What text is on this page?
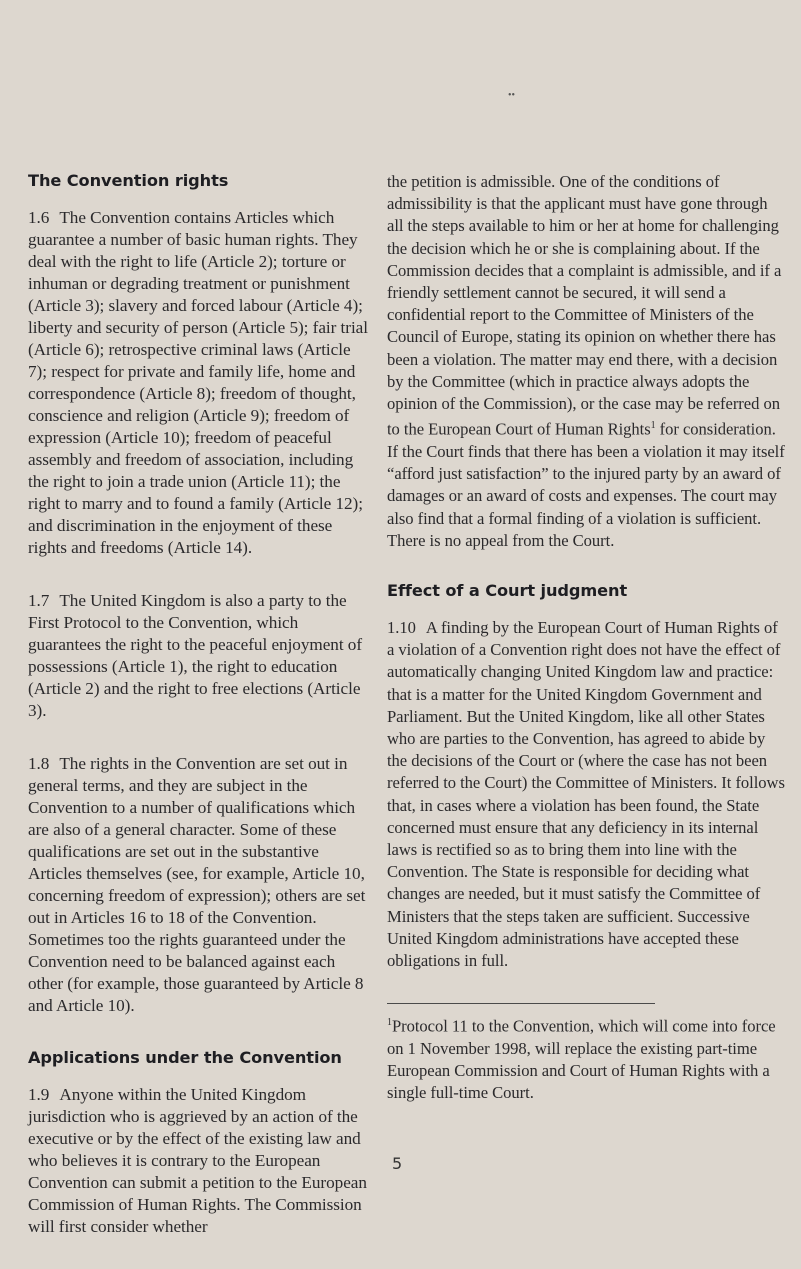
••
The Convention rights

1.6 The Convention contains Articles which guarantee a number of basic human rights. They deal with the right to life (Article 2); torture or inhuman or degrading treatment or punishment (Article 3); slavery and forced labour (Article 4); liberty and security of person (Article 5); fair trial (Article 6); retrospective criminal laws (Article 7); respect for private and family life, home and correspondence (Article 8); freedom of thought, conscience and religion (Article 9); freedom of expression (Article 10); freedom of peaceful assembly and freedom of association, including the right to join a trade union (Article 11); the right to marry and to found a family (Article 12); and discrimination in the enjoyment of these rights and freedoms (Article 14).

1.7 The United Kingdom is also a party to the First Protocol to the Convention, which guarantees the right to the peaceful enjoyment of possessions (Article 1), the right to education (Article 2) and the right to free elections (Article 3).

1.8 The rights in the Convention are set out in general terms, and they are subject in the Convention to a number of qualifications which are also of a general character. Some of these qualifications are set out in the substantive Articles themselves (see, for example, Article 10, concerning freedom of expression); others are set out in Articles 16 to 18 of the Convention. Sometimes too the rights guaranteed under the Convention need to be balanced against each other (for example, those guaranteed by Article 8 and Article 10).

Applications under the Convention

1.9 Anyone within the United Kingdom jurisdiction who is aggrieved by an action of the executive or by the effect of the existing law and who believes it is contrary to the European Convention can submit a petition to the European Commission of Human Rights. The Commission will first consider whether

the petition is admissible. One of the conditions of admissibility is that the applicant must have gone through all the steps available to him or her at home for challenging the decision which he or she is complaining about. If the Commission decides that a complaint is admissible, and if a friendly settlement cannot be secured, it will send a confidential report to the Committee of Ministers of the Council of Europe, stating its opinion on whether there has been a violation. The matter may end there, with a decision by the Committee (which in practice always adopts the opinion of the Commission), or the case may be referred on to the European Court of Human Rights$^1$ for consideration. If the Court finds that there has been a violation it may itself “afford just satisfaction” to the injured party by an award of damages or an award of costs and expenses. The court may also find that a formal finding of a violation is sufficient. There is no appeal from the Court.

Effect of a Court judgment

1.10 A finding by the European Court of Human Rights of a violation of a Convention right does not have the effect of automatically changing United Kingdom law and practice: that is a matter for the United Kingdom Government and Parliament. But the United Kingdom, like all other States who are parties to the Convention, has agreed to abide by the decisions of the Court or (where the case has not been referred to the Court) the Committee of Ministers. It follows that, in cases where a violation has been found, the State concerned must ensure that any deficiency in its internal laws is rectified so as to bring them into line with the Convention. The State is responsible for deciding what changes are needed, but it must satisfy the Committee of Ministers that the steps taken are sufficient. Successive United Kingdom administrations have accepted these obligations in full.

$^1$Protocol 11 to the Convention, which will come into force on 1 November 1998, will replace the existing part-time European Commission and Court of Human Rights with a single full-time Court.

5
